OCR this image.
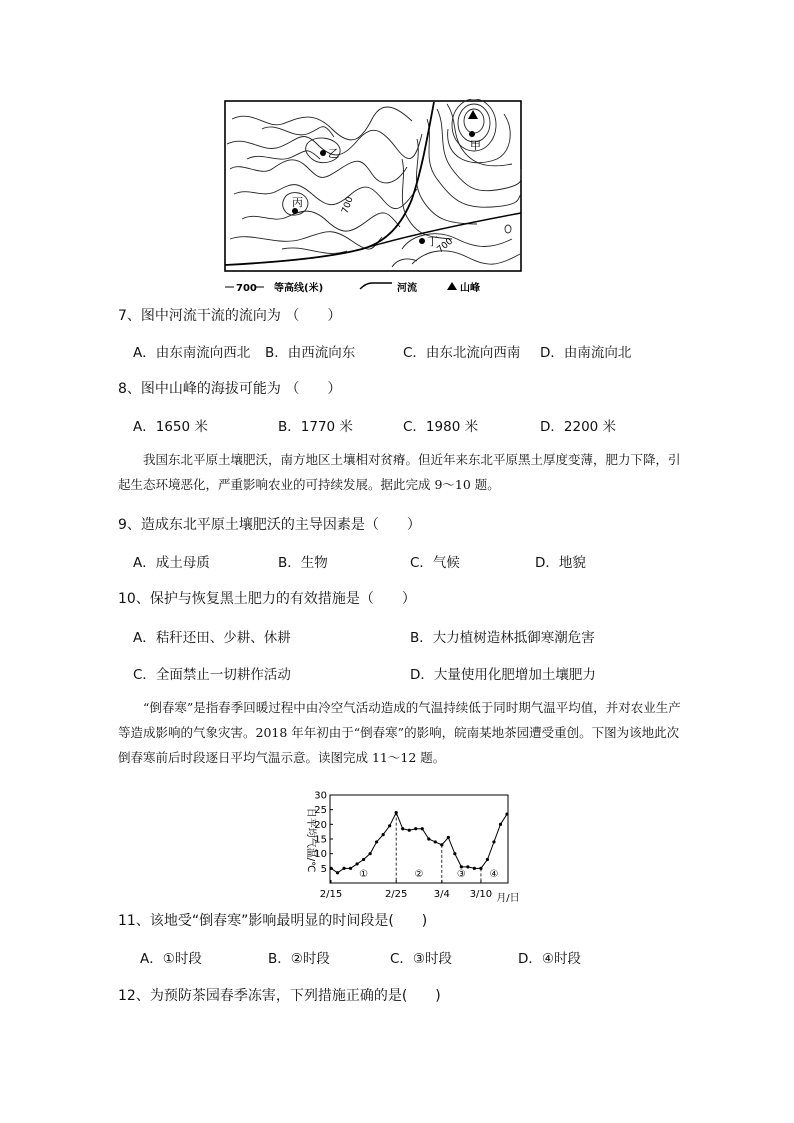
乙
丙
甲
丁
700
700
700 等高线(米)	河流	山峰
7、图中河流干流的流向为 （　　）
A．由东南流向西北 B．由西流向东	C．由东北流向西南 D．由南流向北
8、图中山峰的海拔可能为 （　　）
A．1650 米	B．1770 米	C．1980 米	D．2200 米
我国东北平原土壤肥沃，南方地区土壤相对贫瘠。但近年来东北平原黑土厚度变薄，肥力下降，引起生态环境恶化，严重影响农业的可持续发展。据此完成 9～10 题。
9、造成东北平原土壤肥沃的主导因素是（　　）
A．成土母质	B．生物	C．气候	D．地貌
10、保护与恢复黑土肥力的有效措施是（　　）
A．秸秆还田、少耕、休耕	B．大力植树造林抵御寒潮危害
C．全面禁止一切耕作活动	D．大量使用化肥增加土壤肥力
“倒春寒”是指春季回暖过程中由冷空气活动造成的气温持续低于同时期气温平均值，并对农业生产等造成影响的气象灾害。2018 年年初由于“倒春寒”的影响，皖南某地茶园遭受重创。下图为该地此次倒春寒前后时段逐日平均气温示意。读图完成 11～12 题。
5
10
15
20
25
30
2/15	2/25	3/4 3/10
①	②	③ ④
日平均气温/℃
月/日
11、该地受“倒春寒”影响最明显的时间段是(　　)
A．①时段	B．②时段	C．③时段	D．④时段
12、为预防茶园春季冻害，下列措施正确的是(　　)
